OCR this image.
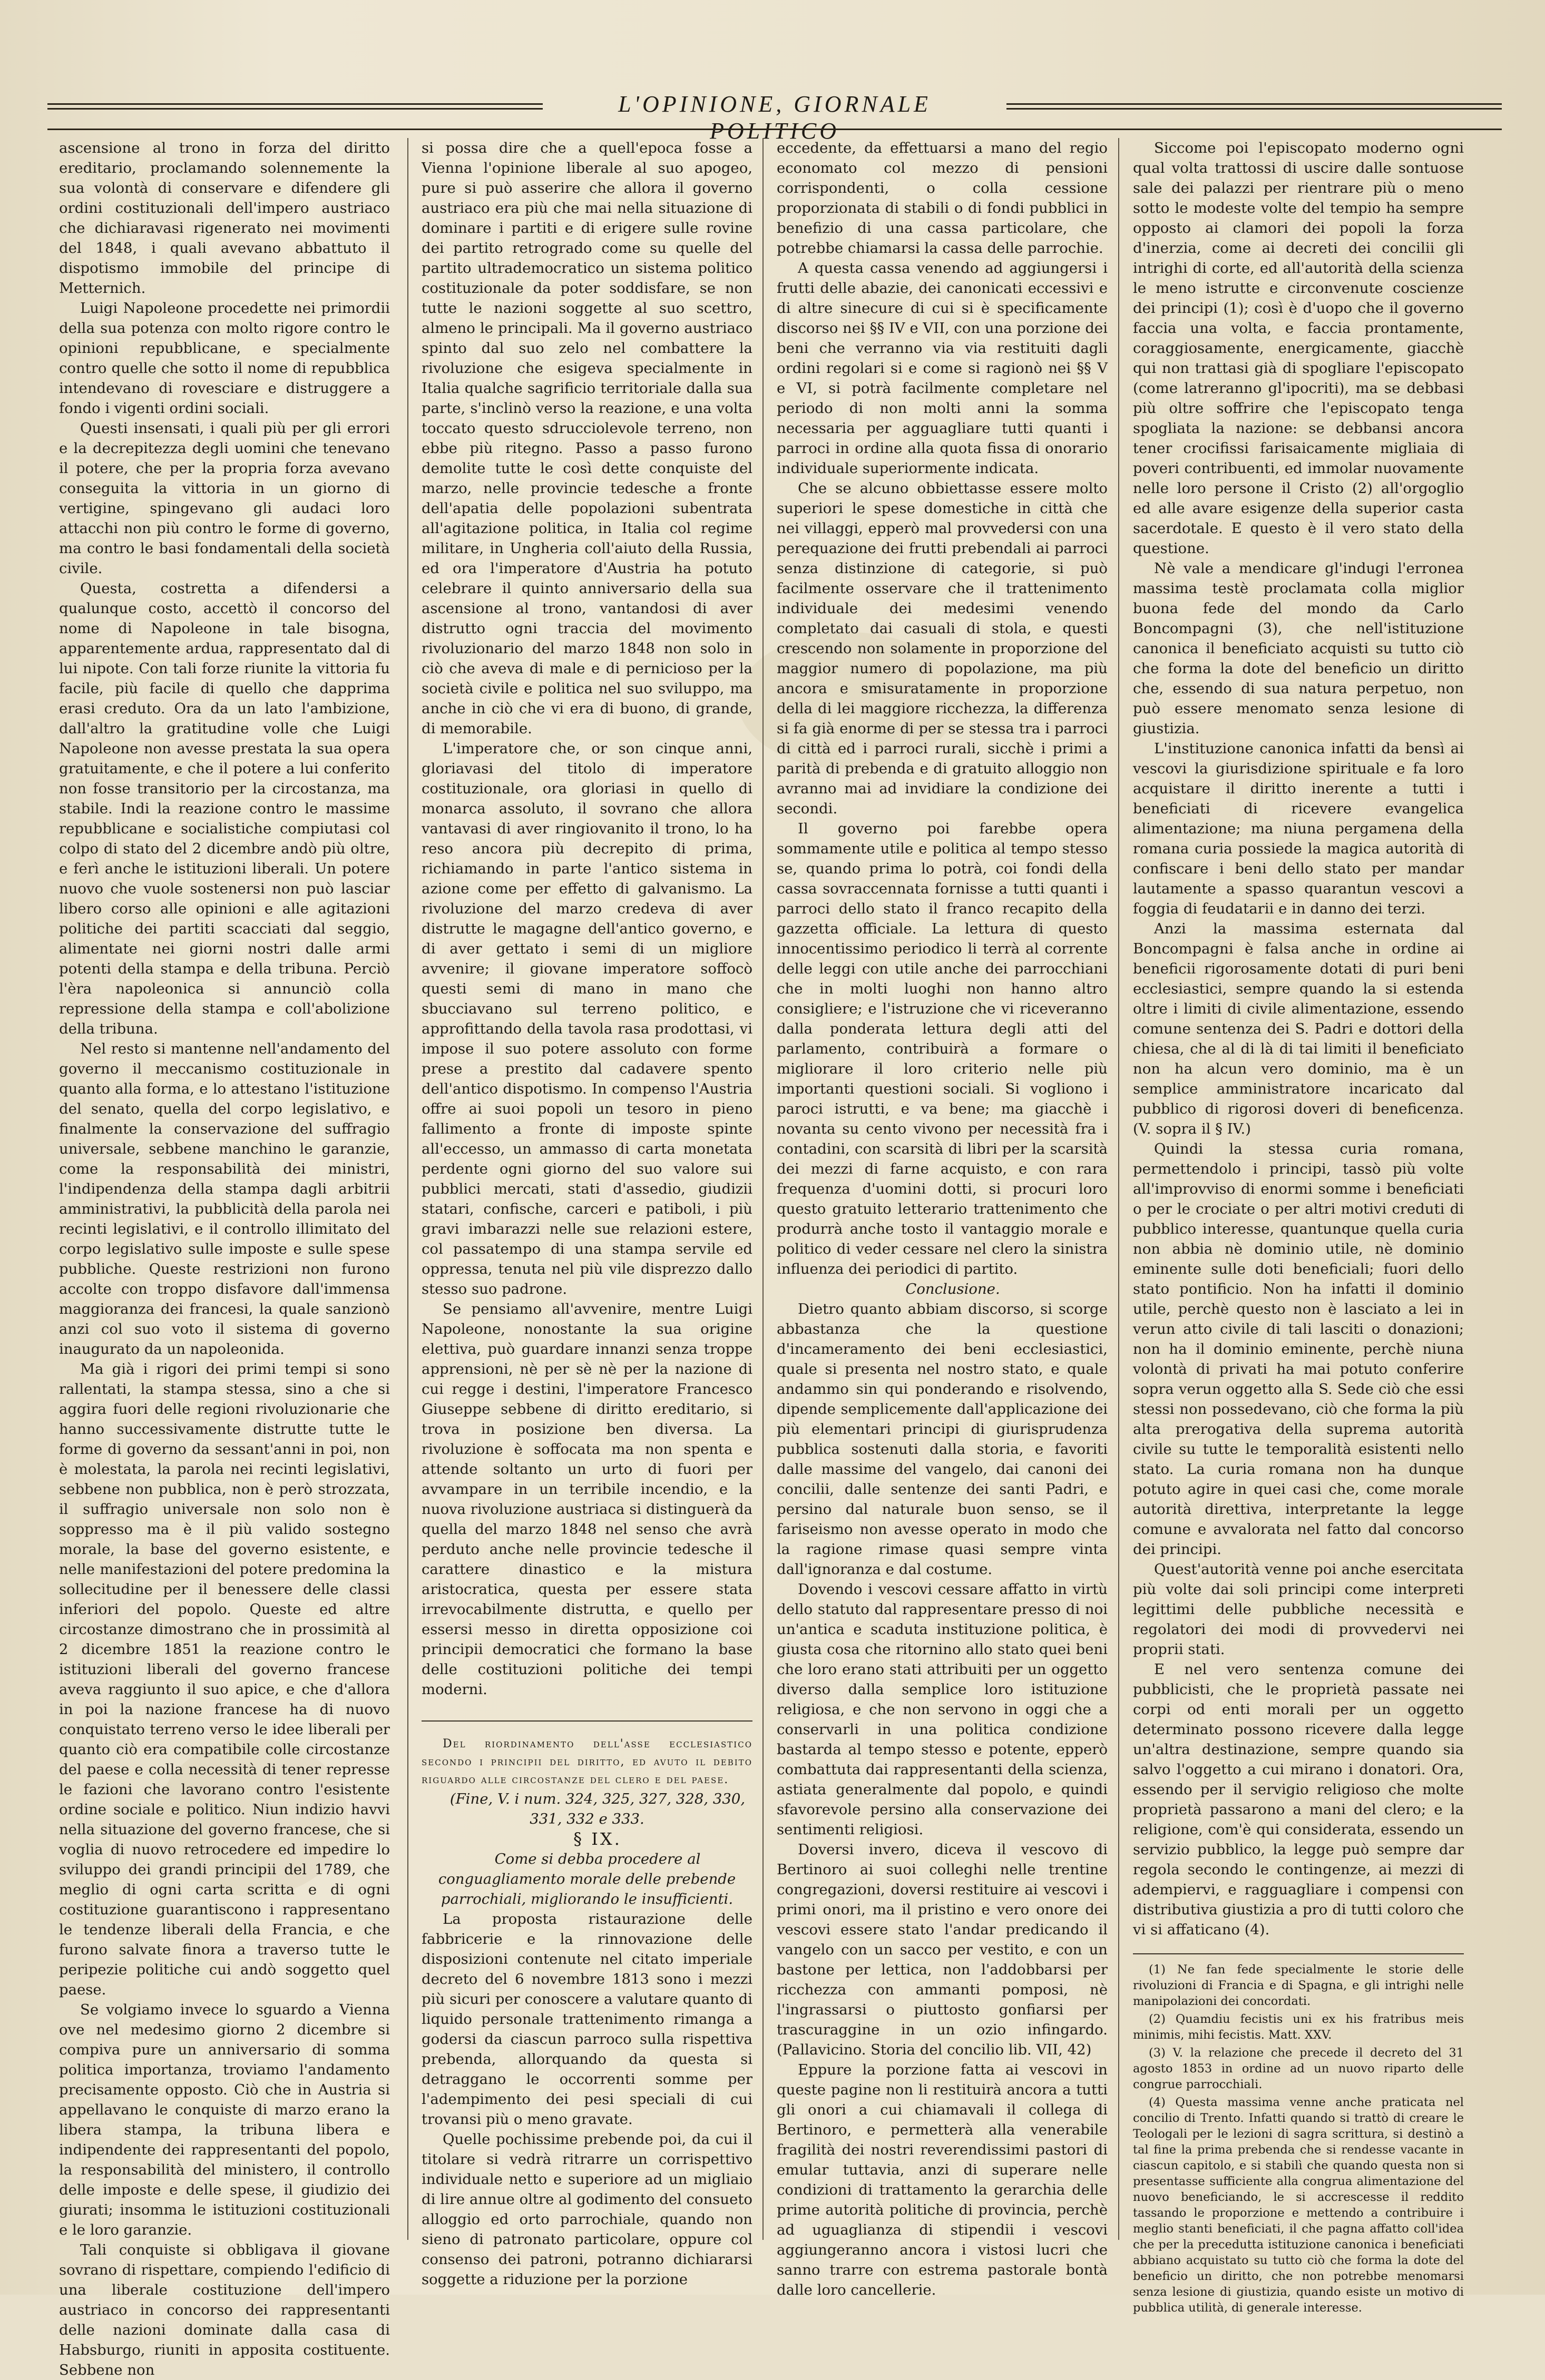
L'OPINIONE, GIORNALE POLITICO

ascensione al trono in forza del diritto ereditario, proclamando solennemente la sua volontà di conservare e difendere gli ordini costituzionali dell'impero austriaco che dichiaravasi rigenerato nei movimenti del 1848, i quali avevano abbattuto il dispotismo immobile del principe di Metternich.

Luigi Napoleone procedette nei primordii della sua potenza con molto rigore contro le opinioni repubblicane, e specialmente contro quelle che sotto il nome di repubblica intendevano di rovesciare e distruggere a fondo i vigenti ordini sociali.

Questi insensati, i quali più per gli errori e la decrepitezza degli uomini che tenevano il potere, che per la propria forza avevano conseguita la vittoria in un giorno di vertigine, spingevano gli audaci loro attacchi non più contro le forme di governo, ma contro le basi fondamentali della società civile.

Questa, costretta a difendersi a qualunque costo, accettò il concorso del nome di Napoleone in tale bisogna, apparentemente ardua, rappresentato dal di lui nipote. Con tali forze riunite la vittoria fu facile, più facile di quello che dapprima erasi creduto. Ora da un lato l'ambizione, dall'altro la gratitudine volle che Luigi Napoleone non avesse prestata la sua opera gratuitamente, e che il potere a lui conferito non fosse transitorio per la circostanza, ma stabile. Indi la reazione contro le massime repubblicane e socialistiche compiutasi col colpo di stato del 2 dicembre andò più oltre, e ferì anche le istituzioni liberali. Un potere nuovo che vuole sostenersi non può lasciar libero corso alle opinioni e alle agitazioni politiche dei partiti scacciati dal seggio, alimentate nei giorni nostri dalle armi potenti della stampa e della tribuna. Perciò l'èra napoleonica si annunciò colla repressione della stampa e coll'abolizione della tribuna.

Nel resto si mantenne nell'andamento del governo il meccanismo costituzionale in quanto alla forma, e lo attestano l'istituzione del senato, quella del corpo legislativo, e finalmente la conservazione del suffragio universale, sebbene manchino le garanzie, come la responsabilità dei ministri, l'indipendenza della stampa dagli arbitrii amministrativi, la pubblicità della parola nei recinti legislativi, e il controllo illimitato del corpo legislativo sulle imposte e sulle spese pubbliche. Queste restrizioni non furono accolte con troppo disfavore dall'immensa maggioranza dei francesi, la quale sanzionò anzi col suo voto il sistema di governo inaugurato da un napoleonida.

Ma già i rigori dei primi tempi si sono rallentati, la stampa stessa, sino a che si aggira fuori delle regioni rivoluzionarie che hanno successivamente distrutte tutte le forme di governo da sessant'anni in poi, non è molestata, la parola nei recinti legislativi, sebbene non pubblica, non è però strozzata, il suffragio universale non solo non è soppresso ma è il più valido sostegno morale, la base del governo esistente, e nelle manifestazioni del potere predomina la sollecitudine per il benessere delle classi inferiori del popolo. Queste ed altre circostanze dimostrano che in prossimità al 2 dicembre 1851 la reazione contro le istituzioni liberali del governo francese aveva raggiunto il suo apice, e che d'allora in poi la nazione francese ha di nuovo conquistato terreno verso le idee liberali per quanto ciò era compatibile colle circostanze del paese e colla necessità di tener represse le fazioni che lavorano contro l'esistente ordine sociale e politico. Niun indizio havvi nella situazione del governo francese, che si voglia di nuovo retrocedere ed impedire lo sviluppo dei grandi principii del 1789, che meglio di ogni carta scritta e di ogni costituzione guarantiscono i rappresentano le tendenze liberali della Francia, e che furono salvate finora a traverso tutte le peripezie politiche cui andò soggetto quel paese.

Se volgiamo invece lo sguardo a Vienna ove nel medesimo giorno 2 dicembre si compiva pure un anniversario di somma politica importanza, troviamo l'andamento precisamente opposto. Ciò che in Austria si appellavano le conquiste di marzo erano la libera stampa, la tribuna libera e indipendente dei rappresentanti del popolo, la responsabilità del ministero, il controllo delle imposte e delle spese, il giudizio dei giurati; insomma le istituzioni costituzionali e le loro garanzie.

Tali conquiste si obbligava il giovane sovrano di rispettare, compiendo l'edificio di una liberale costituzione dell'impero austriaco in concorso dei rappresentanti delle nazioni dominate dalla casa di Habsburgo, riuniti in apposita costituente. Sebbene non

si possa dire che a quell'epoca fosse a Vienna l'opinione liberale al suo apogeo, pure si può asserire che allora il governo austriaco era più che mai nella situazione di dominare i partiti e di erigere sulle rovine dei partito retrogrado come su quelle del partito ultrademocratico un sistema politico costituzionale da poter soddisfare, se non tutte le nazioni soggette al suo scettro, almeno le principali. Ma il governo austriaco spinto dal suo zelo nel combattere la rivoluzione che esigeva specialmente in Italia qualche sagrificio territoriale dalla sua parte, s'inclinò verso la reazione, e una volta toccato questo sdrucciolevole terreno, non ebbe più ritegno. Passo a passo furono demolite tutte le così dette conquiste del marzo, nelle provincie tedesche a fronte dell'apatia delle popolazioni subentrata all'agitazione politica, in Italia col regime militare, in Ungheria coll'aiuto della Russia, ed ora l'imperatore d'Austria ha potuto celebrare il quinto anniversario della sua ascensione al trono, vantandosi di aver distrutto ogni traccia del movimento rivoluzionario del marzo 1848 non solo in ciò che aveva di male e di pernicioso per la società civile e politica nel suo sviluppo, ma anche in ciò che vi era di buono, di grande, di memorabile.

L'imperatore che, or son cinque anni, gloriavasi del titolo di imperatore costituzionale, ora gloriasi in quello di monarca assoluto, il sovrano che allora vantavasi di aver ringiovanito il trono, lo ha reso ancora più decrepito di prima, richiamando in parte l'antico sistema in azione come per effetto di galvanismo. La rivoluzione del marzo credeva di aver distrutte le magagne dell'antico governo, e di aver gettato i semi di un migliore avvenire; il giovane imperatore soffocò questi semi di mano in mano che sbucciavano sul terreno politico, e approfittando della tavola rasa prodottasi, vi impose il suo potere assoluto con forme prese a prestito dal cadavere spento dell'antico dispotismo. In compenso l'Austria offre ai suoi popoli un tesoro in pieno fallimento a fronte di imposte spinte all'eccesso, un ammasso di carta monetata perdente ogni giorno del suo valore sui pubblici mercati, stati d'assedio, giudizii statari, confische, carceri e patiboli, i più gravi imbarazzi nelle sue relazioni estere, col passatempo di una stampa servile ed oppressa, tenuta nel più vile disprezzo dallo stesso suo padrone.

Se pensiamo all'avvenire, mentre Luigi Napoleone, nonostante la sua origine elettiva, può guardare innanzi senza troppe apprensioni, nè per sè nè per la nazione di cui regge i destini, l'imperatore Francesco Giuseppe sebbene di diritto ereditario, si trova in posizione ben diversa. La rivoluzione è soffocata ma non spenta e attende soltanto un urto di fuori per avvampare in un terribile incendio, e la nuova rivoluzione austriaca si distinguerà da quella del marzo 1848 nel senso che avrà perduto anche nelle provincie tedesche il carattere dinastico e la mistura aristocratica, questa per essere stata irrevocabilmente distrutta, e quello per essersi messo in diretta opposizione coi principii democratici che formano la base delle costituzioni politiche dei tempi moderni.

Del riordinamento dell'asse ecclesiastico secondo i principii del diritto, ed avuto il debito riguardo alle circostanze del clero e del paese.

(Fine, V. i num. 324, 325, 327, 328, 330, 331, 332 e 333.

§ IX.

Come si debba procedere al conguagliamento morale delle prebende parrochiali, migliorando le insufficienti.

La proposta ristaurazione delle fabbricerie e la rinnovazione delle disposizioni contenute nel citato imperiale decreto del 6 novembre 1813 sono i mezzi più sicuri per conoscere a valutare quanto di liquido personale trattenimento rimanga a godersi da ciascun parroco sulla rispettiva prebenda, allorquando da questa si detraggano le occorrenti somme per l'adempimento dei pesi speciali di cui trovansi più o meno gravate.

Quelle pochissime prebende poi, da cui il titolare si vedrà ritrarre un corrispettivo individuale netto e superiore ad un migliaio di lire annue oltre al godimento del consueto alloggio ed orto parrochiale, quando non sieno di patronato particolare, oppure col consenso dei patroni, potranno dichiararsi soggette a riduzione per la porzione

eccedente, da effettuarsi a mano del regio economato col mezzo di pensioni corrispondenti, o colla cessione proporzionata di stabili o di fondi pubblici in benefizio di una cassa particolare, che potrebbe chiamarsi la cassa delle parrochie.

A questa cassa venendo ad aggiungersi i frutti delle abazie, dei canonicati eccessivi e di altre sinecure di cui si è specificamente discorso nei §§ IV e VII, con una porzione dei beni che verranno via via restituiti dagli ordini regolari si e come si ragionò nei §§ V e VI, si potrà facilmente completare nel periodo di non molti anni la somma necessaria per agguagliare tutti quanti i parroci in ordine alla quota fissa di onorario individuale superiormente indicata.

Che se alcuno obbiettasse essere molto superiori le spese domestiche in città che nei villaggi, epperò mal provvedersi con una perequazione dei frutti prebendali ai parroci senza distinzione di categorie, si può facilmente osservare che il trattenimento individuale dei medesimi venendo completato dai casuali di stola, e questi crescendo non solamente in proporzione del maggior numero di popolazione, ma più ancora e smisuratamente in proporzione della di lei maggiore ricchezza, la differenza si fa già enorme di per se stessa tra i parroci di città ed i parroci rurali, sicchè i primi a parità di prebenda e di gratuito alloggio non avranno mai ad invidiare la condizione dei secondi.

Il governo poi farebbe opera sommamente utile e politica al tempo stesso se, quando prima lo potrà, coi fondi della cassa sovraccennata fornisse a tutti quanti i parroci dello stato il franco recapito della gazzetta officiale. La lettura di questo innocentissimo periodico li terrà al corrente delle leggi con utile anche dei parrocchiani che in molti luoghi non hanno altro consigliere; e l'istruzione che vi riceveranno dalla ponderata lettura degli atti del parlamento, contribuirà a formare o migliorare il loro criterio nelle più importanti questioni sociali. Si vogliono i paroci istrutti, e va bene; ma giacchè i novanta su cento vivono per necessità fra i contadini, con scarsità di libri per la scarsità dei mezzi di farne acquisto, e con rara frequenza d'uomini dotti, si procuri loro questo gratuito letterario trattenimento che produrrà anche tosto il vantaggio morale e politico di veder cessare nel clero la sinistra influenza dei periodici di partito.

Conclusione.

Dietro quanto abbiam discorso, si scorge abbastanza che la questione d'incameramento dei beni ecclesiastici, quale si presenta nel nostro stato, e quale andammo sin qui ponderando e risolvendo, dipende semplicemente dall'applicazione dei più elementari principi di giurisprudenza pubblica sostenuti dalla storia, e favoriti dalle massime del vangelo, dai canoni dei concilii, dalle sentenze dei santi Padri, e persino dal naturale buon senso, se il fariseismo non avesse operato in modo che la ragione rimase quasi sempre vinta dall'ignoranza e dal costume.

Dovendo i vescovi cessare affatto in virtù dello statuto dal rappresentare presso di noi un'antica e scaduta instituzione politica, è giusta cosa che ritornino allo stato quei beni che loro erano stati attribuiti per un oggetto diverso dalla semplice loro istituzione religiosa, e che non servono in oggi che a conservarli in una politica condizione bastarda al tempo stesso e potente, epperò combattuta dai rappresentanti della scienza, astiata generalmente dal popolo, e quindi sfavorevole persino alla conservazione dei sentimenti religiosi.

Doversi invero, diceva il vescovo di Bertinoro ai suoi colleghi nelle trentine congregazioni, doversi restituire ai vescovi i primi onori, ma il pristino e vero onore dei vescovi essere stato l'andar predicando il vangelo con un sacco per vestito, e con un bastone per lettica, non l'addobbarsi per ricchezza con ammanti pomposi, nè l'ingrassarsi o piuttosto gonfiarsi per trascuraggine in un ozio infingardo. (Pallavicino. Storia del concilio lib. VII, 42)

Eppure la porzione fatta ai vescovi in queste pagine non li restituirà ancora a tutti gli onori a cui chiamavali il collega di Bertinoro, e permetterà alla venerabile fragilità dei nostri reverendissimi pastori di emular tuttavia, anzi di superare nelle condizioni di trattamento la gerarchia delle prime autorità politiche di provincia, perchè ad uguaglianza di stipendii i vescovi aggiungeranno ancora i vistosi lucri che sanno trarre con estrema pastorale bontà dalle loro cancellerie.

Siccome poi l'episcopato moderno ogni qual volta trattossi di uscire dalle sontuose sale dei palazzi per rientrare più o meno sotto le modeste volte del tempio ha sempre opposto ai clamori dei popoli la forza d'inerzia, come ai decreti dei concilii gli intrighi di corte, ed all'autorità della scienza le meno istrutte e circonvenute coscienze dei principi (1); così è d'uopo che il governo faccia una volta, e faccia prontamente, coraggiosamente, energicamente, giacchè qui non trattasi già di spogliare l'episcopato (come latreranno gl'ipocriti), ma se debbasi più oltre soffrire che l'episcopato tenga spogliata la nazione: se debbansi ancora tener crocifissi farisaicamente migliaia di poveri contribuenti, ed immolar nuovamente nelle loro persone il Cristo (2) all'orgoglio ed alle avare esigenze della superior casta sacerdotale. E questo è il vero stato della questione.

Nè vale a mendicare gl'indugi l'erronea massima testè proclamata colla miglior buona fede del mondo da Carlo Boncompagni (3), che nell'istituzione canonica il beneficiato acquisti su tutto ciò che forma la dote del beneficio un diritto che, essendo di sua natura perpetuo, non può essere menomato senza lesione di giustizia.

L'instituzione canonica infatti da bensì ai vescovi la giurisdizione spirituale e fa loro acquistare il diritto inerente a tutti i beneficiati di ricevere evangelica alimentazione; ma niuna pergamena della romana curia possiede la magica autorità di confiscare i beni dello stato per mandar lautamente a spasso quarantun vescovi a foggia di feudatarii e in danno dei terzi.

Anzi la massima esternata dal Boncompagni è falsa anche in ordine ai beneficii rigorosamente dotati di puri beni ecclesiastici, sempre quando la si estenda oltre i limiti di civile alimentazione, essendo comune sentenza dei S. Padri e dottori della chiesa, che al di là di tai limiti il beneficiato non ha alcun vero dominio, ma è un semplice amministratore incaricato dal pubblico di rigorosi doveri di beneficenza. (V. sopra il § IV.)

Quindi la stessa curia romana, permettendolo i principi, tassò più volte all'improvviso di enormi somme i beneficiati o per le crociate o per altri motivi creduti di pubblico interesse, quantunque quella curia non abbia nè dominio utile, nè dominio eminente sulle doti beneficiali; fuori dello stato pontificio. Non ha infatti il dominio utile, perchè questo non è lasciato a lei in verun atto civile di tali lasciti o donazioni; non ha il dominio eminente, perchè niuna volontà di privati ha mai potuto conferire sopra verun oggetto alla S. Sede ciò che essi stessi non possedevano, ciò che forma la più alta prerogativa della suprema autorità civile su tutte le temporalità esistenti nello stato. La curia romana non ha dunque potuto agire in quei casi che, come morale autorità direttiva, interpretante la legge comune e avvalorata nel fatto dal concorso dei principi.

Quest'autorità venne poi anche esercitata più volte dai soli principi come interpreti legittimi delle pubbliche necessità e regolatori dei modi di provvedervi nei proprii stati.

E nel vero sentenza comune dei pubblicisti, che le proprietà passate nei corpi od enti morali per un oggetto determinato possono ricevere dalla legge un'altra destinazione, sempre quando sia salvo l'oggetto a cui mirano i donatori. Ora, essendo per il servigio religioso che molte proprietà passarono a mani del clero; e la religione, com'è qui considerata, essendo un servizio pubblico, la legge può sempre dar regola secondo le contingenze, ai mezzi di adempiervi, e ragguagliare i compensi con distributiva giustizia a pro di tutti coloro che vi si affaticano (4).

(1) Ne fan fede specialmente le storie delle rivoluzioni di Francia e di Spagna, e gli intrighi nelle manipolazioni dei concordati.

(2) Quamdiu fecistis uni ex his fratribus meis minimis, mihi fecistis. Matt. XXV.

(3) V. la relazione che precede il decreto del 31 agosto 1853 in ordine ad un nuovo riparto delle congrue parrocchiali.

(4) Questa massima venne anche praticata nel concilio di Trento. Infatti quando si trattò di creare le Teologali per le lezioni di sagra scrittura, si destinò a tal fine la prima prebenda che si rendesse vacante in ciascun capitolo, e si stabilì che quando questa non si presentasse sufficiente alla congrua alimentazione del nuovo beneficiando, le si accrescesse il reddito tassando le proporzione e mettendo a contribuire i meglio stanti beneficiati, il che pagna affatto coll'idea che per la precedutta istituzione canonica i beneficiati abbiano acquistato su tutto ciò che forma la dote del beneficio un diritto, che non potrebbe menomarsi senza lesione di giustizia, quando esiste un motivo di pubblica utilità, di generale interesse.
